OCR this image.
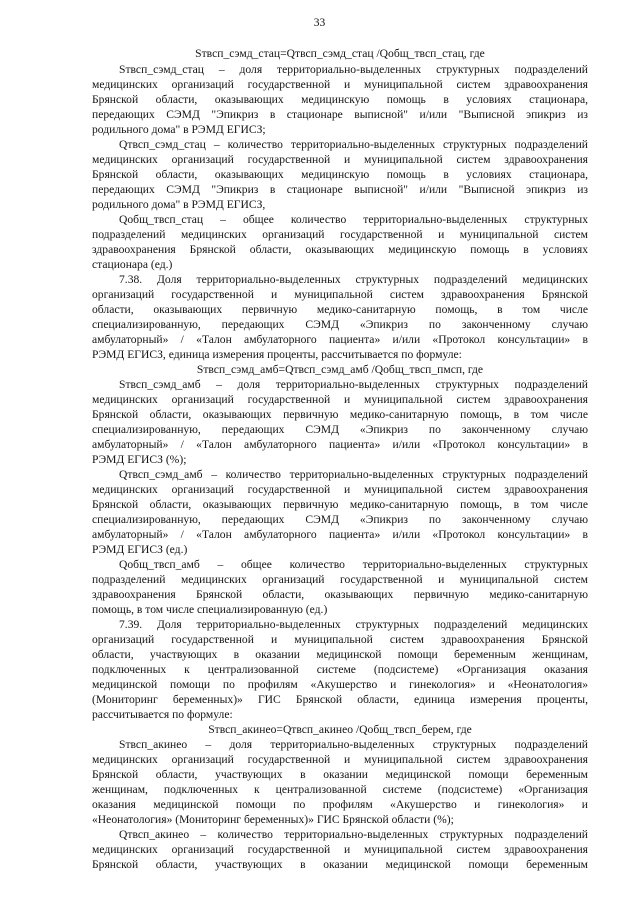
33
Sтвсп_сэмд_стац=Qтвсп_сэмд_стац /Qобщ_твсп_стац, где
Sтвсп_сэмд_стац – доля территориально-выделенных структурных подразделений
медицинских организаций государственной и муниципальной систем здравоохранения
Брянской области, оказывающих медицинскую помощь в условиях стационара,
передающих СЭМД "Эпикриз в стационаре выписной" и/или "Выписной эпикриз из
родильного дома" в РЭМД ЕГИСЗ;
Qтвсп_сэмд_стац – количество территориально-выделенных структурных подразделений
медицинских организаций государственной и муниципальной систем здравоохранения
Брянской области, оказывающих медицинскую помощь в условиях стационара,
передающих СЭМД "Эпикриз в стационаре выписной" и/или "Выписной эпикриз из
родильного дома" в РЭМД ЕГИСЗ,
Qобщ_твсп_стац – общее количество территориально-выделенных структурных
подразделений медицинских организаций государственной и муниципальной систем
здравоохранения Брянской области, оказывающих медицинскую помощь в условиях
стационара (ед.)
7.38. Доля территориально-выделенных структурных подразделений медицинских
организаций государственной и муниципальной систем здравоохранения Брянской
области, оказывающих первичную медико-санитарную помощь, в том числе
специализированную, передающих СЭМД «Эпикриз по законченному случаю
амбулаторный» / «Талон амбулаторного пациента» и/или «Протокол консультации» в
РЭМД ЕГИСЗ, единица измерения проценты, рассчитывается по формуле:
Sтвсп_сэмд_амб=Qтвсп_сэмд_амб /Qобщ_твсп_пмсп, где
Sтвсп_сэмд_амб – доля территориально-выделенных структурных подразделений
медицинских организаций государственной и муниципальной систем здравоохранения
Брянской области, оказывающих первичную медико-санитарную помощь, в том числе
специализированную, передающих СЭМД «Эпикриз по законченному случаю
амбулаторный» / «Талон амбулаторного пациента» и/или «Протокол консультации» в
РЭМД ЕГИСЗ (%);
Qтвсп_сэмд_амб – количество территориально-выделенных структурных подразделений
медицинских организаций государственной и муниципальной систем здравоохранения
Брянской области, оказывающих первичную медико-санитарную помощь, в том числе
специализированную, передающих СЭМД «Эпикриз по законченному случаю
амбулаторный» / «Талон амбулаторного пациента» и/или «Протокол консультации» в
РЭМД ЕГИСЗ (ед.)
Qобщ_твсп_амб – общее количество территориально-выделенных структурных
подразделений медицинских организаций государственной и муниципальной систем
здравоохранения Брянской области, оказывающих первичную медико-санитарную
помощь, в том числе специализированную (ед.)
7.39. Доля территориально-выделенных структурных подразделений медицинских
организаций государственной и муниципальной систем здравоохранения Брянской
области, участвующих в оказании медицинской помощи беременным женщинам,
подключенных к централизованной системе (подсистеме) «Организация оказания
медицинской помощи по профилям «Акушерство и гинекология» и «Неонатология»
(Мониторинг беременных)» ГИС Брянской области, единица измерения проценты,
рассчитывается по формуле:
Sтвсп_акинео=Qтвсп_акинео /Qобщ_твсп_берем, где
Sтвсп_акинео – доля территориально-выделенных структурных подразделений
медицинских организаций государственной и муниципальной систем здравоохранения
Брянской области, участвующих в оказании медицинской помощи беременным
женщинам, подключенных к централизованной системе (подсистеме) «Организация
оказания медицинской помощи по профилям «Акушерство и гинекология» и
«Неонатология» (Мониторинг беременных)» ГИС Брянской области (%);
Qтвсп_акинео – количество территориально-выделенных структурных подразделений
медицинских организаций государственной и муниципальной систем здравоохранения
Брянской области, участвующих в оказании медицинской помощи беременным
